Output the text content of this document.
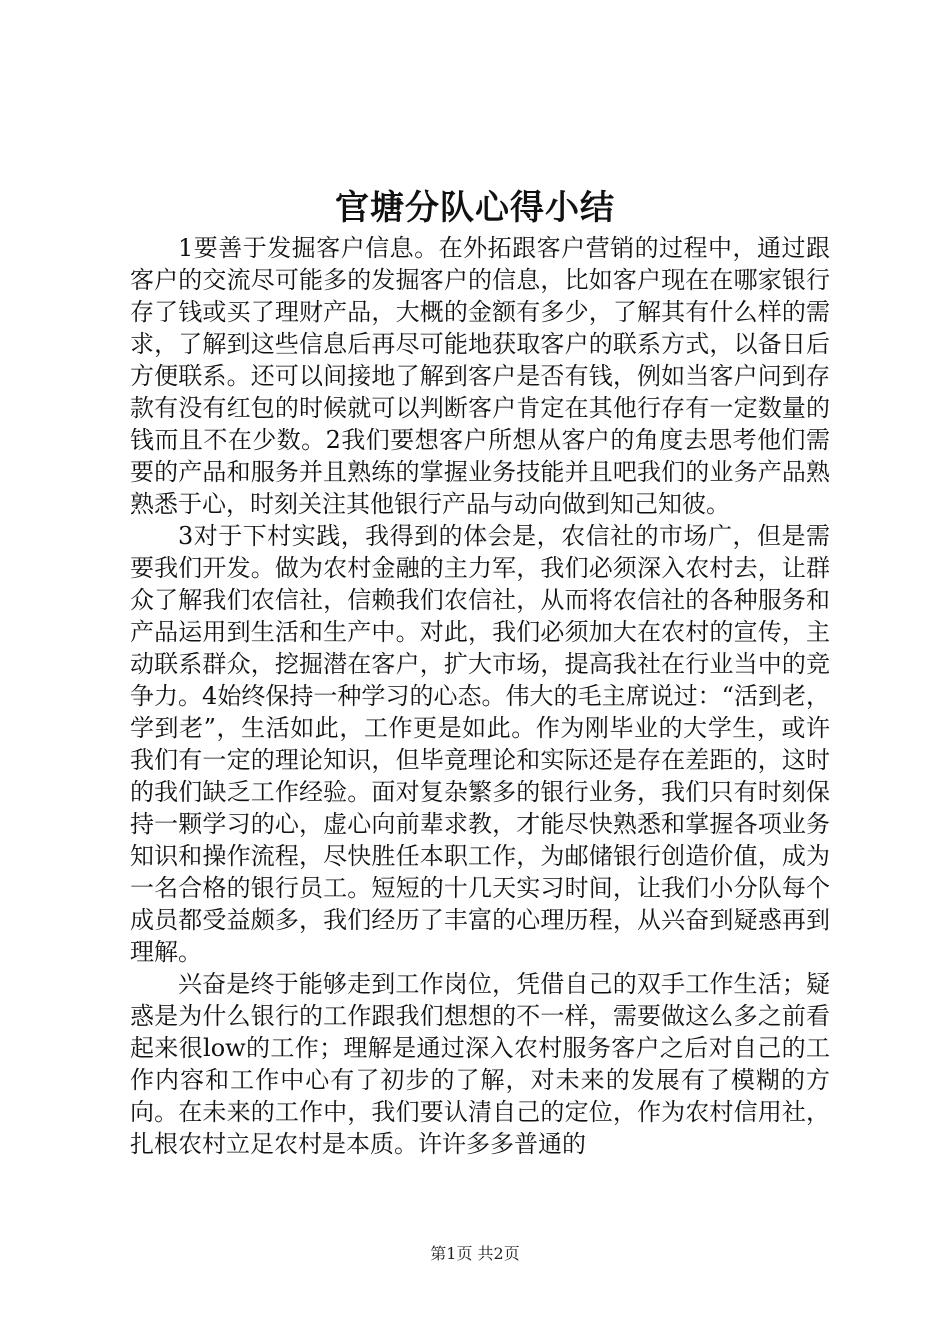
官塘分队心得小结

1要善于发掘客户信息。在外拓跟客户营销的过程中，通过跟客户的交流尽可能多的发掘客户的信息，比如客户现在在哪家银行存了钱或买了理财产品，大概的金额有多少，了解其有什么样的需求，了解到这些信息后再尽可能地获取客户的联系方式，以备日后方便联系。还可以间接地了解到客户是否有钱，例如当客户问到存款有没有红包的时候就可以判断客户肯定在其他行存有一定数量的钱而且不在少数。2我们要想客户所想从客户的角度去思考他们需要的产品和服务并且熟练的掌握业务技能并且吧我们的业务产品熟熟悉于心，时刻关注其他银行产品与动向做到知己知彼。

3对于下村实践，我得到的体会是，农信社的市场广，但是需要我们开发。做为农村金融的主力军，我们必须深入农村去，让群众了解我们农信社，信赖我们农信社，从而将农信社的各种服务和产品运用到生活和生产中。对此，我们必须加大在农村的宣传，主动联系群众，挖掘潜在客户，扩大市场，提高我社在行业当中的竞争力。4始终保持一种学习的心态。伟大的毛主席说过：“活到老，学到老”，生活如此，工作更是如此。作为刚毕业的大学生，或许我们有一定的理论知识，但毕竟理论和实际还是存在差距的，这时的我们缺乏工作经验。面对复杂繁多的银行业务，我们只有时刻保持一颗学习的心，虚心向前辈求教，才能尽快熟悉和掌握各项业务知识和操作流程，尽快胜任本职工作，为邮储银行创造价值，成为一名合格的银行员工。短短的十几天实习时间，让我们小分队每个成员都受益颇多，我们经历了丰富的心理历程，从兴奋到疑惑再到理解。

兴奋是终于能够走到工作岗位，凭借自己的双手工作生活；疑惑是为什么银行的工作跟我们想想的不一样，需要做这么多之前看起来很low的工作；理解是通过深入农村服务客户之后对自己的工作内容和工作中心有了初步的了解，对未来的发展有了模糊的方向。在未来的工作中，我们要认清自己的定位，作为农村信用社，扎根农村立足农村是本质。许许多多普通的

第1页 共2页
